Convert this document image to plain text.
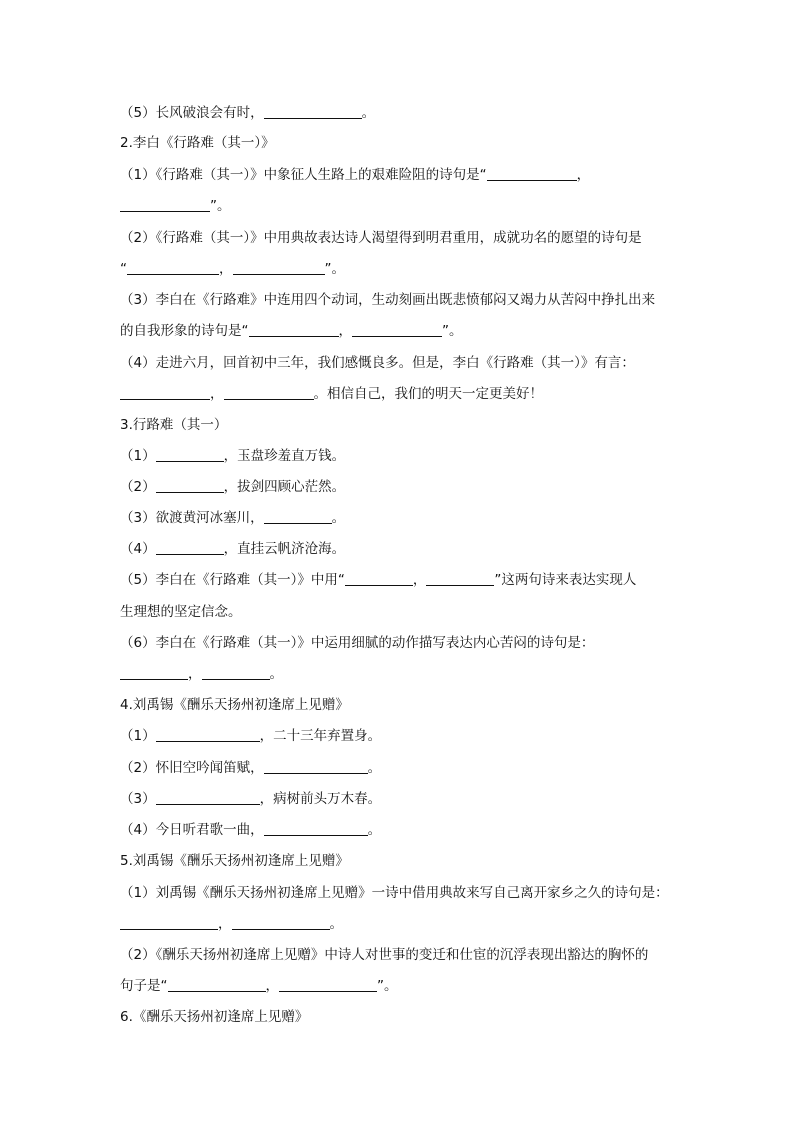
（5）长风破浪会有时，	。
2.李白《行路难（其一）》
（1）《行路难（其一）》中象征人生路上的艰难险阻的诗句是“	，
”。
（2）《行路难（其一）》中用典故表达诗人渴望得到明君重用，成就功名的愿望的诗句是
“	，	”。
（3）李白在《行路难》中连用四个动词，生动刻画出既悲愤郁闷又竭力从苦闷中挣扎出来
的自我形象的诗句是“	，	”。
（4）走进六月，回首初中三年，我们感慨良多。但是，李白《行路难（其一）》有言：
，	。相信自己，我们的明天一定更美好！
3.行路难（其一）
（1）	，玉盘珍羞直万钱。
（2）	，拔剑四顾心茫然。
（3）欲渡黄河冰塞川，	。
（4）	，直挂云帆济沧海。
（5）李白在《行路难（其一）》中用“	，	”这两句诗来表达实现人
生理想的坚定信念。
（6）李白在《行路难（其一）》中运用细腻的动作描写表达内心苦闷的诗句是：
，	。
4.刘禹锡《酬乐天扬州初逢席上见赠》
（1）	，二十三年弃置身。
（2）怀旧空吟闻笛赋，	。
（3）	，病树前头万木春。
（4）今日听君歌一曲，	。
5.刘禹锡《酬乐天扬州初逢席上见赠》
（1）刘禹锡《酬乐天扬州初逢席上见赠》一诗中借用典故来写自己离开家乡之久的诗句是：
，	。
（2）《酬乐天扬州初逢席上见赠》中诗人对世事的变迁和仕宦的沉浮表现出豁达的胸怀的
句子是“	，	”。
6.《酬乐天扬州初逢席上见赠》
